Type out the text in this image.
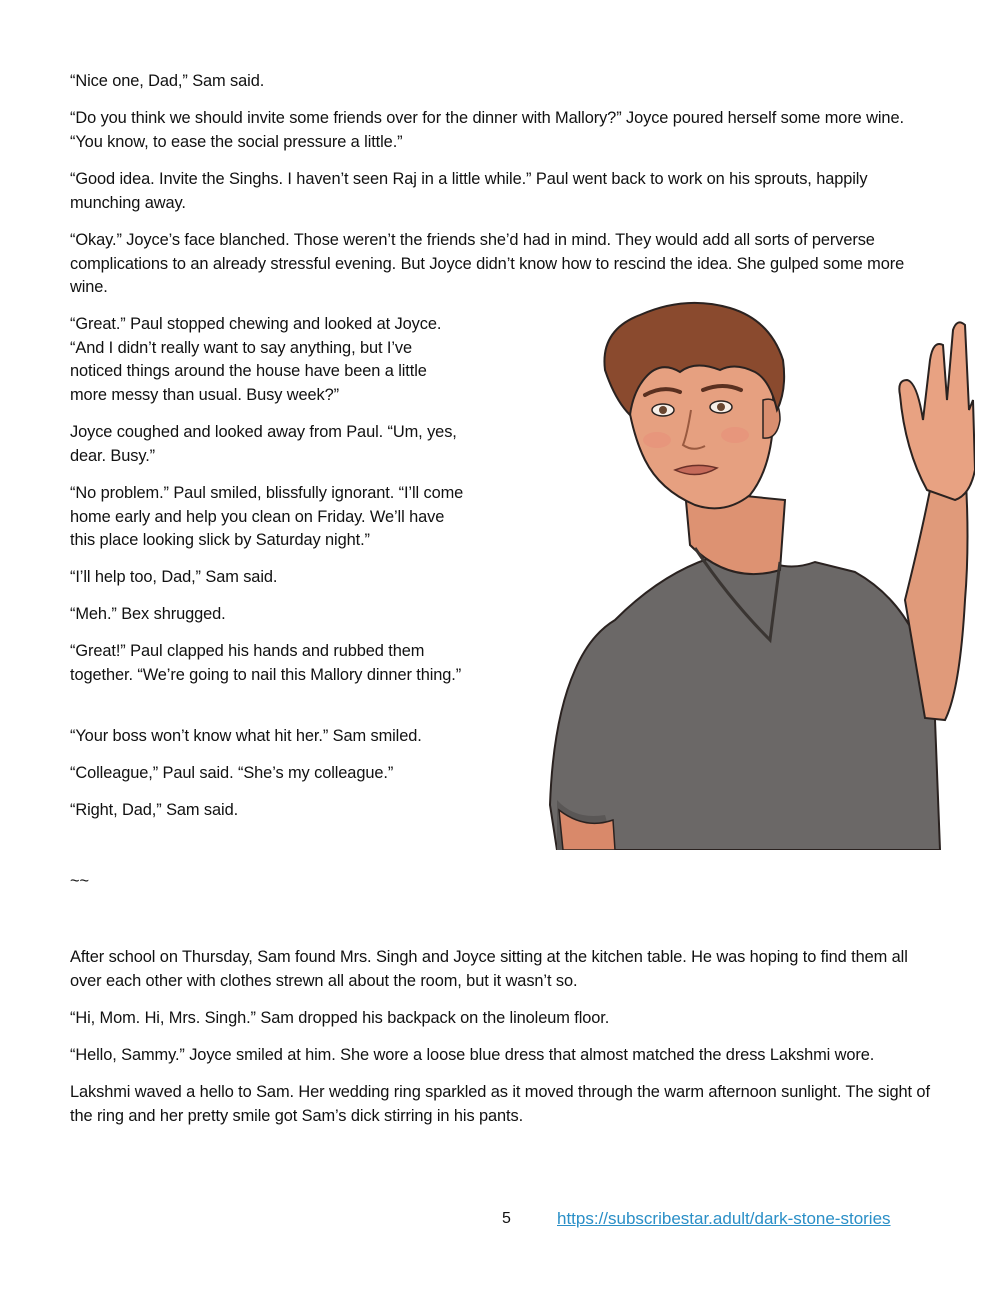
“Nice one, Dad,” Sam said.

“Do you think we should invite some friends over for the dinner with Mallory?” Joyce poured herself some more wine. “You know, to ease the social pressure a little.”

“Good idea. Invite the Singhs. I haven’t seen Raj in a little while.” Paul went back to work on his sprouts, happily munching away.

“Okay.” Joyce’s face blanched. Those weren’t the friends she’d had in mind. They would add all sorts of perverse complications to an already stressful evening. But Joyce didn’t know how to rescind the idea. She gulped some more wine.

“Great.” Paul stopped chewing and looked at Joyce. “And I didn’t really want to say anything, but I’ve noticed things around the house have been a little more messy than usual. Busy week?”

Joyce coughed and looked away from Paul. “Um, yes, dear. Busy.”

“No problem.” Paul smiled, blissfully ignorant. “I’ll come home early and help you clean on Friday. We’ll have this place looking slick by Saturday night.”

“I’ll help too, Dad,” Sam said.

“Meh.” Bex shrugged.

“Great!” Paul clapped his hands and rubbed them together. “We’re going to nail this Mallory dinner thing.”

“Your boss won’t know what hit her.” Sam smiled.

“Colleague,” Paul said. “She’s my colleague.”

“Right, Dad,” Sam said.

~~

After school on Thursday, Sam found Mrs. Singh and Joyce sitting at the kitchen table. He was hoping to find them all over each other with clothes strewn all about the room, but it wasn’t so.

“Hi, Mom. Hi, Mrs. Singh.” Sam dropped his backpack on the linoleum floor.

“Hello, Sammy.” Joyce smiled at him. She wore a loose blue dress that almost matched the dress Lakshmi wore.

Lakshmi waved a hello to Sam. Her wedding ring sparkled as it moved through the warm afternoon sunlight. The sight of the ring and her pretty smile got Sam’s dick stirring in his pants.

5	https://subscribestar.adult/dark-stone-stories
